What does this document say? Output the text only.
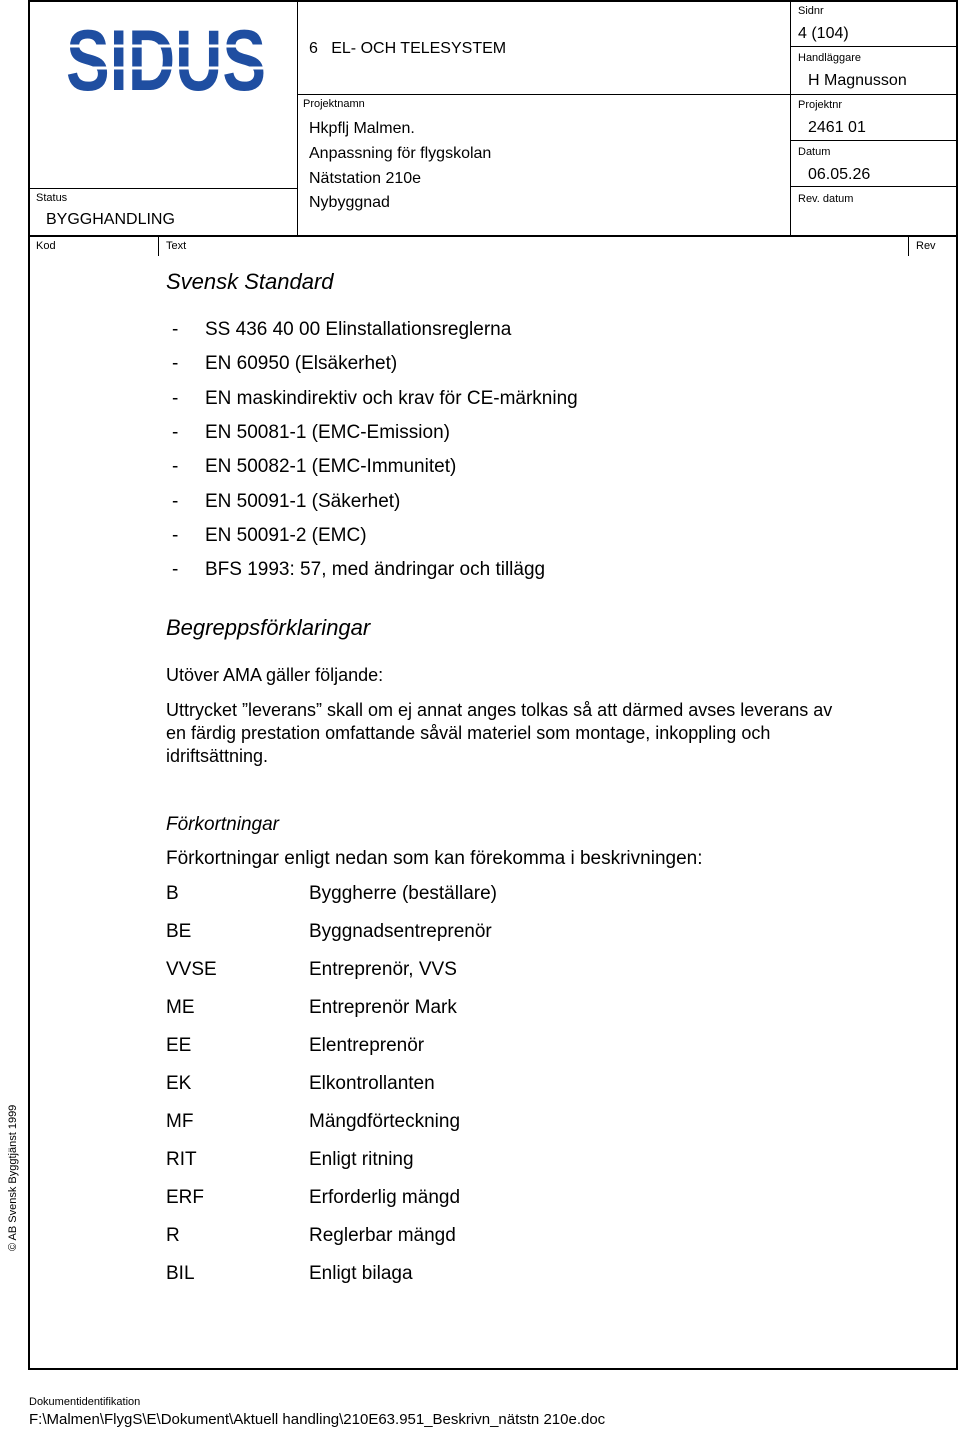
SIDUS	6   EL- OCH TELESYSTEM
Status
BYGGHANDLING
Projektnamn
Hkpflj Malmen.
Anpassning för flygskolan
Nätstation 210e
Nybyggnad
Sidnr
4 (104)
Handläggare
H Magnusson
Projektnr
2461 01
Datum
06.05.26
Rev. datum
Kod	Text	Rev
Svensk Standard
- SS 436 40 00 Elinstallationsreglerna
- EN 60950 (Elsäkerhet)
- EN maskindirektiv och krav för CE-märkning
- EN 50081-1 (EMC-Emission)
- EN 50082-1 (EMC-Immunitet)
- EN 50091-1 (Säkerhet)
- EN 50091-2 (EMC)
- BFS 1993: 57, med ändringar och tillägg
Begreppsförklaringar
Utöver AMA gäller följande:
Uttrycket ”leverans” skall om ej annat anges tolkas så att därmed avses leverans av en färdig prestation omfattande såväl materiel som montage, inkoppling och idriftsättning.
Förkortningar
Förkortningar enligt nedan som kan förekomma i beskrivningen:
B	Byggherre (beställare)
BE	Byggnadsentreprenör
VVSE	Entreprenör, VVS
ME	Entreprenör Mark
EE	Elentreprenör
EK	Elkontrollanten
MF	Mängdförteckning
RIT	Enligt ritning
ERF	Erforderlig mängd
R	Reglerbar mängd
BIL	Enligt bilaga
© AB Svensk Byggtjänst 1999
Dokumentidentifikation
F:\Malmen\FlygS\E\Dokument\Aktuell handling\210E63.951_Beskrivn_nätstn 210e.doc
